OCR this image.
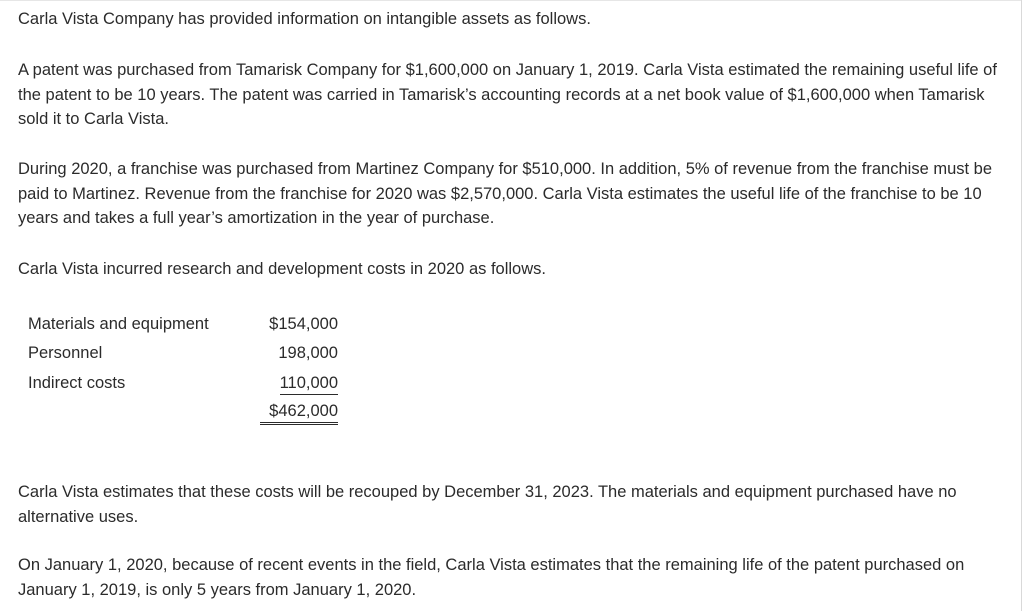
Carla Vista Company has provided information on intangible assets as follows.

A patent was purchased from Tamarisk Company for $1,600,000 on January 1, 2019. Carla Vista estimated the remaining useful life of the patent to be 10 years. The patent was carried in Tamarisk’s accounting records at a net book value of $1,600,000 when Tamarisk sold it to Carla Vista.

During 2020, a franchise was purchased from Martinez Company for $510,000. In addition, 5% of revenue from the franchise must be paid to Martinez. Revenue from the franchise for 2020 was $2,570,000. Carla Vista estimates the useful life of the franchise to be 10 years and takes a full year’s amortization in the year of purchase.

Carla Vista incurred research and development costs in 2020 as follows.

Materials and equipment	$154,000
Personnel	198,000
Indirect costs	110,000

	$462,000

Carla Vista estimates that these costs will be recouped by December 31, 2023. The materials and equipment purchased have no alternative uses.

On January 1, 2020, because of recent events in the field, Carla Vista estimates that the remaining life of the patent purchased on January 1, 2019, is only 5 years from January 1, 2020.
